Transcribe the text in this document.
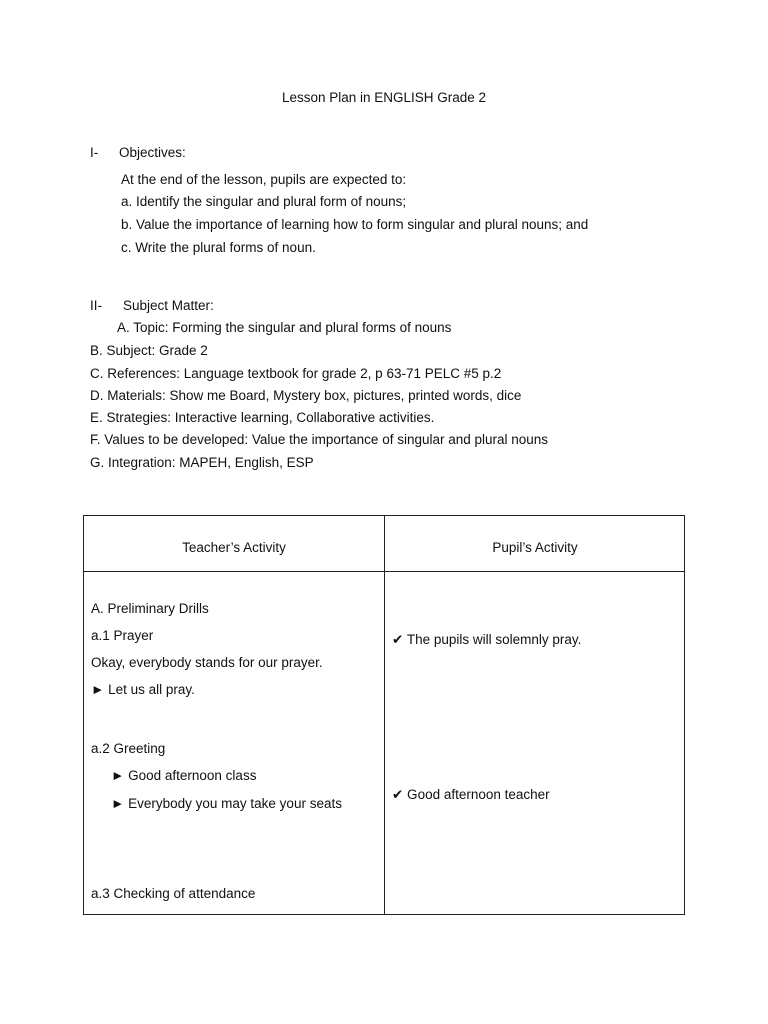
Lesson Plan in ENGLISH Grade 2
I- Objectives:
At the end of the lesson, pupils are expected to:
a. Identify the singular and plural form of nouns;
b. Value the importance of learning how to form singular and plural nouns; and
c. Write the plural forms of noun.
II- Subject Matter:
A. Topic: Forming the singular and plural forms of nouns
B. Subject: Grade 2
C. References: Language textbook for grade 2, p 63-71 PELC #5 p.2
D. Materials: Show me Board, Mystery box, pictures, printed words, dice
E. Strategies: Interactive learning, Collaborative activities.
F. Values to be developed: Value the importance of singular and plural nouns
G. Integration: MAPEH, English, ESP
Teacher’s Activity	Pupil’s Activity
A. Preliminary Drills
a.1 Prayer
Okay, everybody stands for our prayer.
► Let us all pray.
a.2 Greeting
► Good afternoon class
► Everybody you may take your seats
a.3 Checking of attendance
✔ The pupils will solemnly pray.
✔ Good afternoon teacher
